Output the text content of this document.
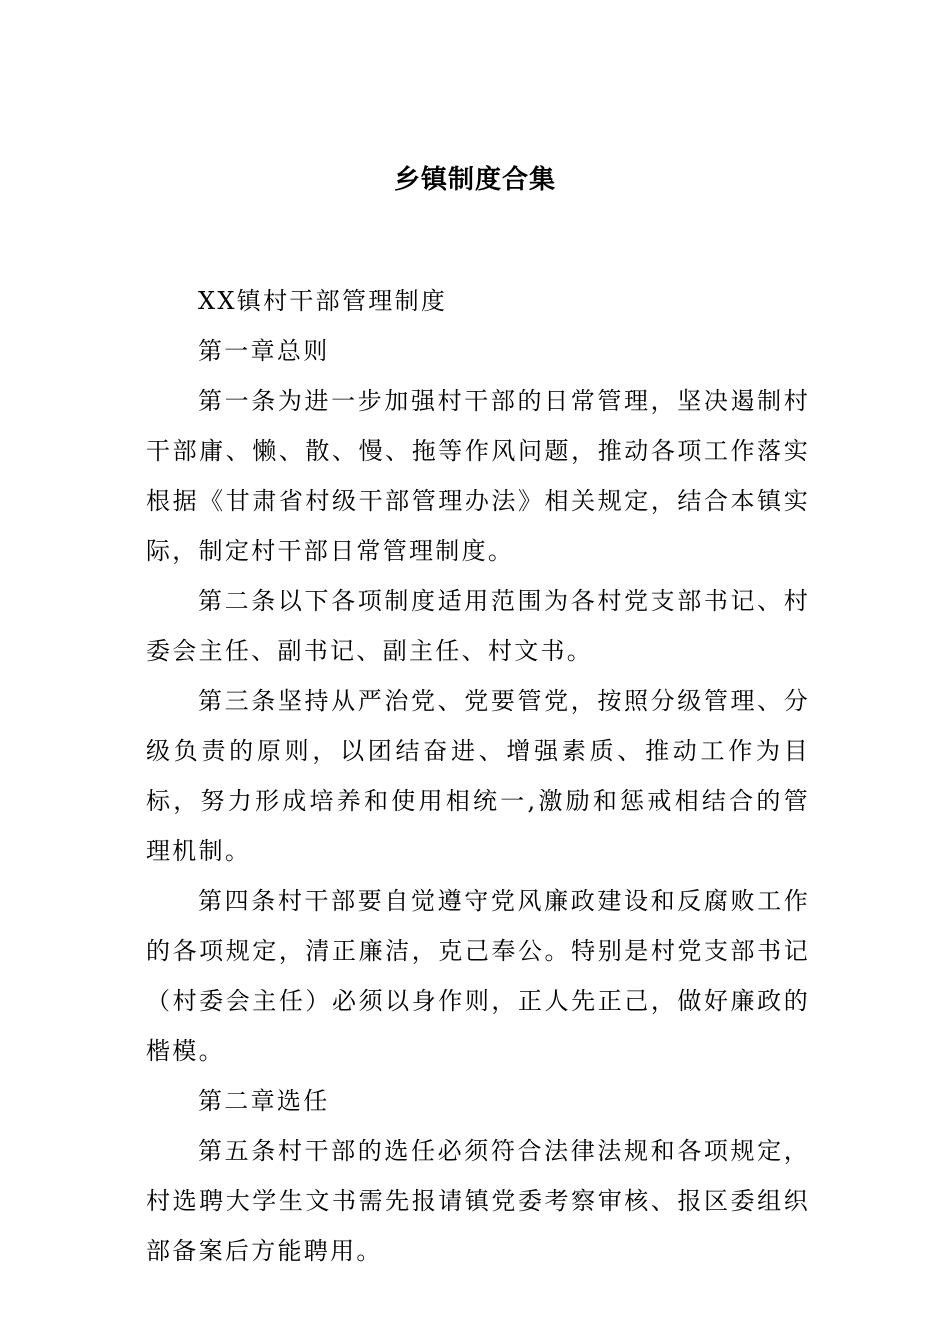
乡镇制度合集

XX镇村干部管理制度

第一章总则

第一条为进一步加强村干部的日常管理，坚决遏制村干部庸、懒、散、慢、拖等作风问题，推动各项工作落实根据《甘肃省村级干部管理办法》相关规定，结合本镇实际，制定村干部日常管理制度。

第二条以下各项制度适用范围为各村党支部书记、村委会主任、副书记、副主任、村文书。

第三条坚持从严治党、党要管党，按照分级管理、分级负责的原则，以团结奋进、增强素质、推动工作为目标，努力形成培养和使用相统一,激励和惩戒相结合的管理机制。

第四条村干部要自觉遵守党风廉政建设和反腐败工作的各项规定，清正廉洁，克己奉公。特别是村党支部书记（村委会主任）必须以身作则，正人先正己，做好廉政的楷模。

第二章选任

第五条村干部的选任必须符合法律法规和各项规定，村选聘大学生文书需先报请镇党委考察审核、报区委组织部备案后方能聘用。
